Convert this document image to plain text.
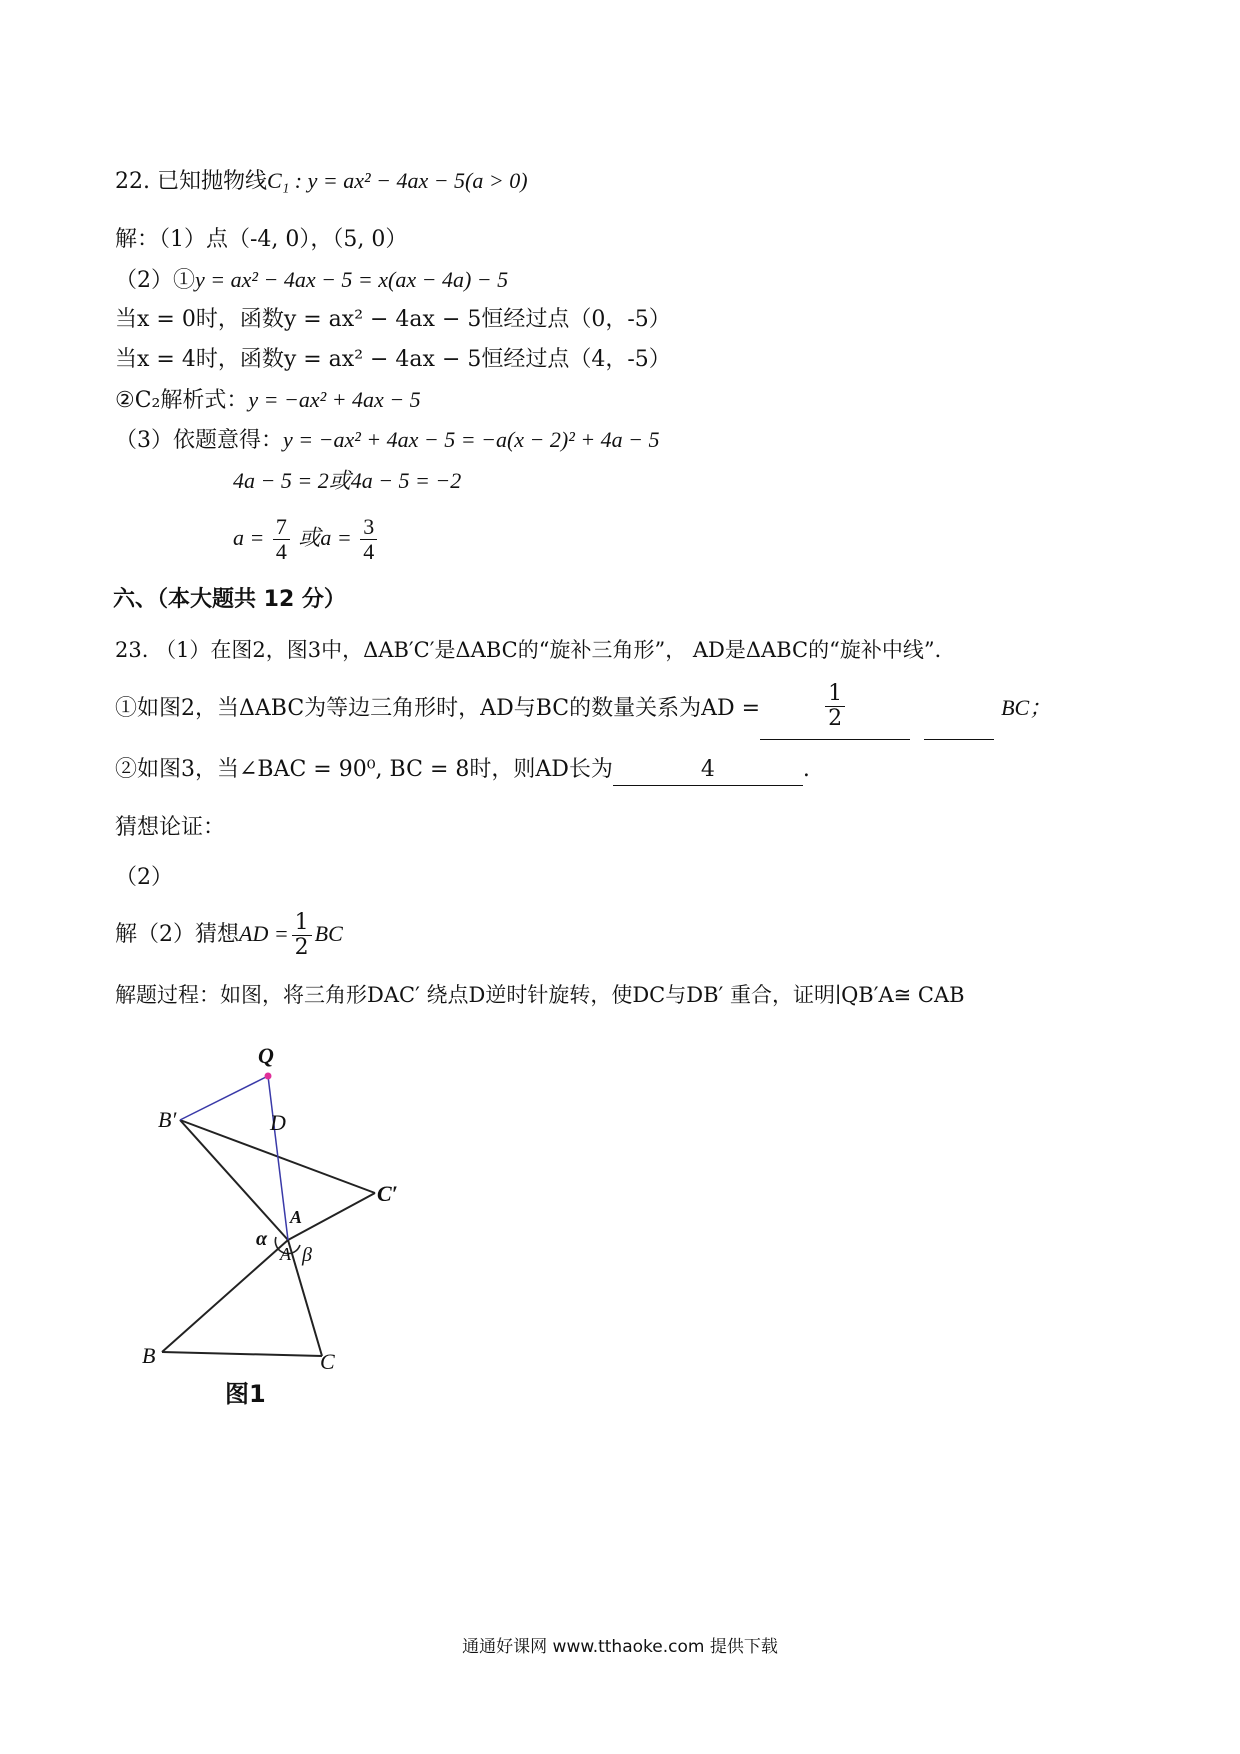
22. 已知抛物线C₁ : y = ax² − 4ax − 5(a > 0)
解：（1）点（-4, 0），（5, 0）
（2）①y = ax² − 4ax − 5 = x(ax − 4a) − 5
当x = 0时，函数y = ax² − 4ax − 5恒经过点（0，-5）
当x = 4时，函数y = ax² − 4ax − 5恒经过点（4，-5）
②C₂解析式：y = −ax² + 4ax − 5
（3）依题意得：y = −ax² + 4ax − 5 = −a(x − 2)² + 4a − 5
4a − 5 = 2或4a − 5 = −2
$a = \frac{7}{4}$ 或$a = \frac{3}{4}$
六、（本大题共 12 分）
23. （1）在图2，图3中，ΔAB′C′是ΔABC的“旋补三角形”， AD是ΔABC的“旋补中线”．
①如图2，当ΔABC为等边三角形时，AD与BC的数量关系为AD =	$\frac{1}{2}$	BC；
②如图3，当∠BAC = 90⁰, BC = 8时，则AD长为	4	.
猜想论证：
（2）
解（2）猜想AD = $\frac{1}{2}$ BC
解题过程：如图，将三角形DAC′ 绕点D逆时针旋转，使DC与DB′ 重合，证明∣QB′A≅ CAB
Q
B′	D
C′
A
α
A β
B	C
图1
通通好课网 www.tthaoke.com 提供下载
